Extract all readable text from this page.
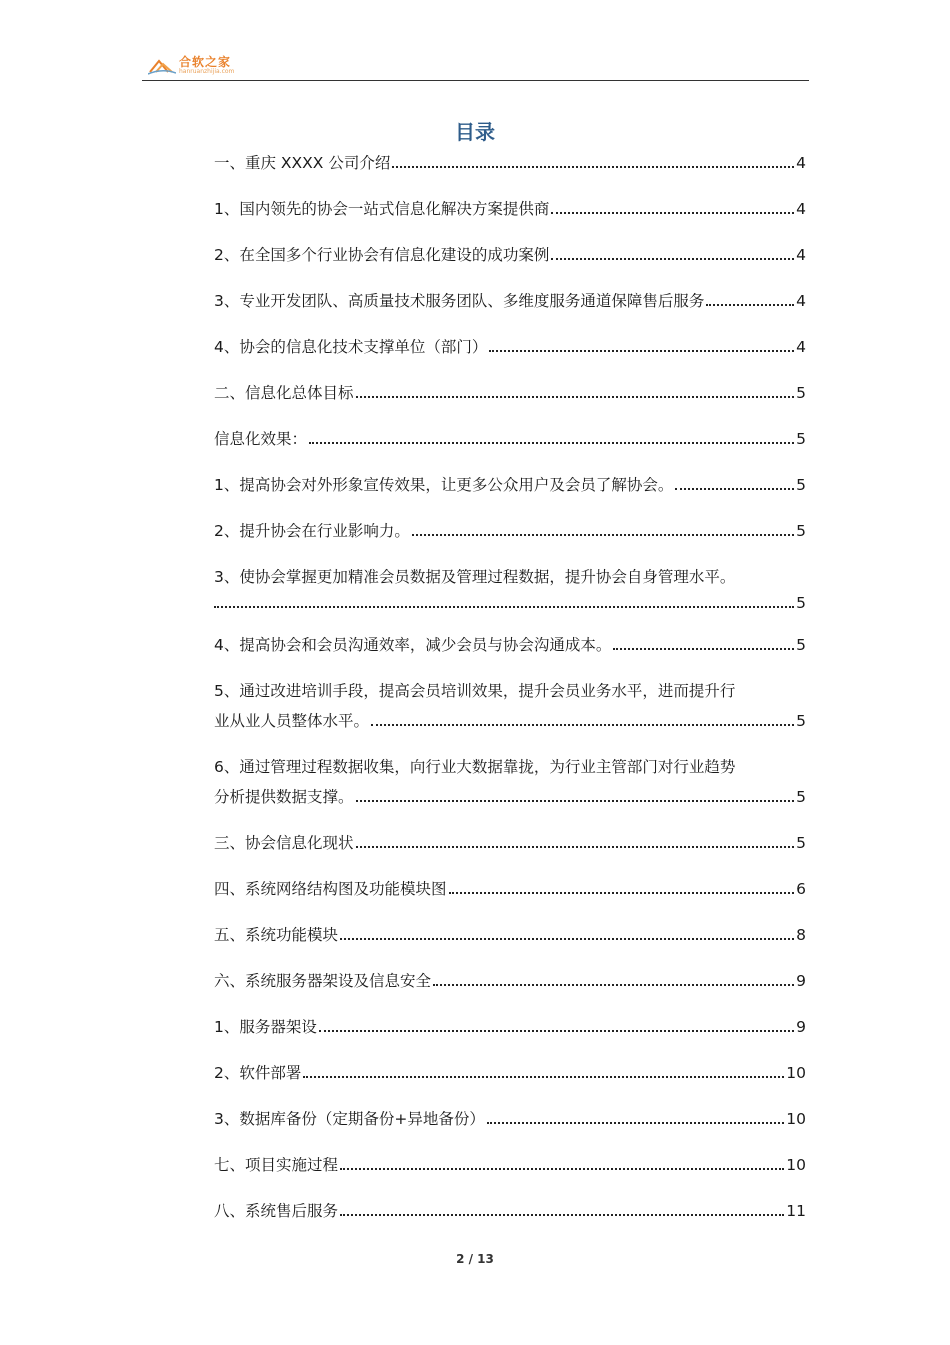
合软之家
hanruanzhijia.com
目录
一、重庆 XXXX 公司介绍	4
1、国内领先的协会一站式信息化解决方案提供商	4
2、在全国多个行业协会有信息化建设的成功案例	4
3、专业开发团队、高质量技术服务团队、多维度服务通道保障售后服务	4
4、协会的信息化技术支撑单位（部门）	4
二、信息化总体目标	5
信息化效果：	5
1、提高协会对外形象宣传效果，让更多公众用户及会员了解协会。	5
2、提升协会在行业影响力。	5
3、使协会掌握更加精准会员数据及管理过程数据，提升协会自身管理水平。
5
4、提高协会和会员沟通效率，减少会员与协会沟通成本。	5
5、通过改进培训手段，提高会员培训效果，提升会员业务水平，进而提升行
业从业人员整体水平。	5
6、通过管理过程数据收集，向行业大数据靠拢，为行业主管部门对行业趋势
分析提供数据支撑。	5
三、协会信息化现状	5
四、系统网络结构图及功能模块图	6
五、系统功能模块	8
六、系统服务器架设及信息安全	9
1、服务器架设	9
2、软件部署	10
3、数据库备份（定期备份+异地备份）	10
七、项目实施过程	10
八、系统售后服务	11
2 / 13
